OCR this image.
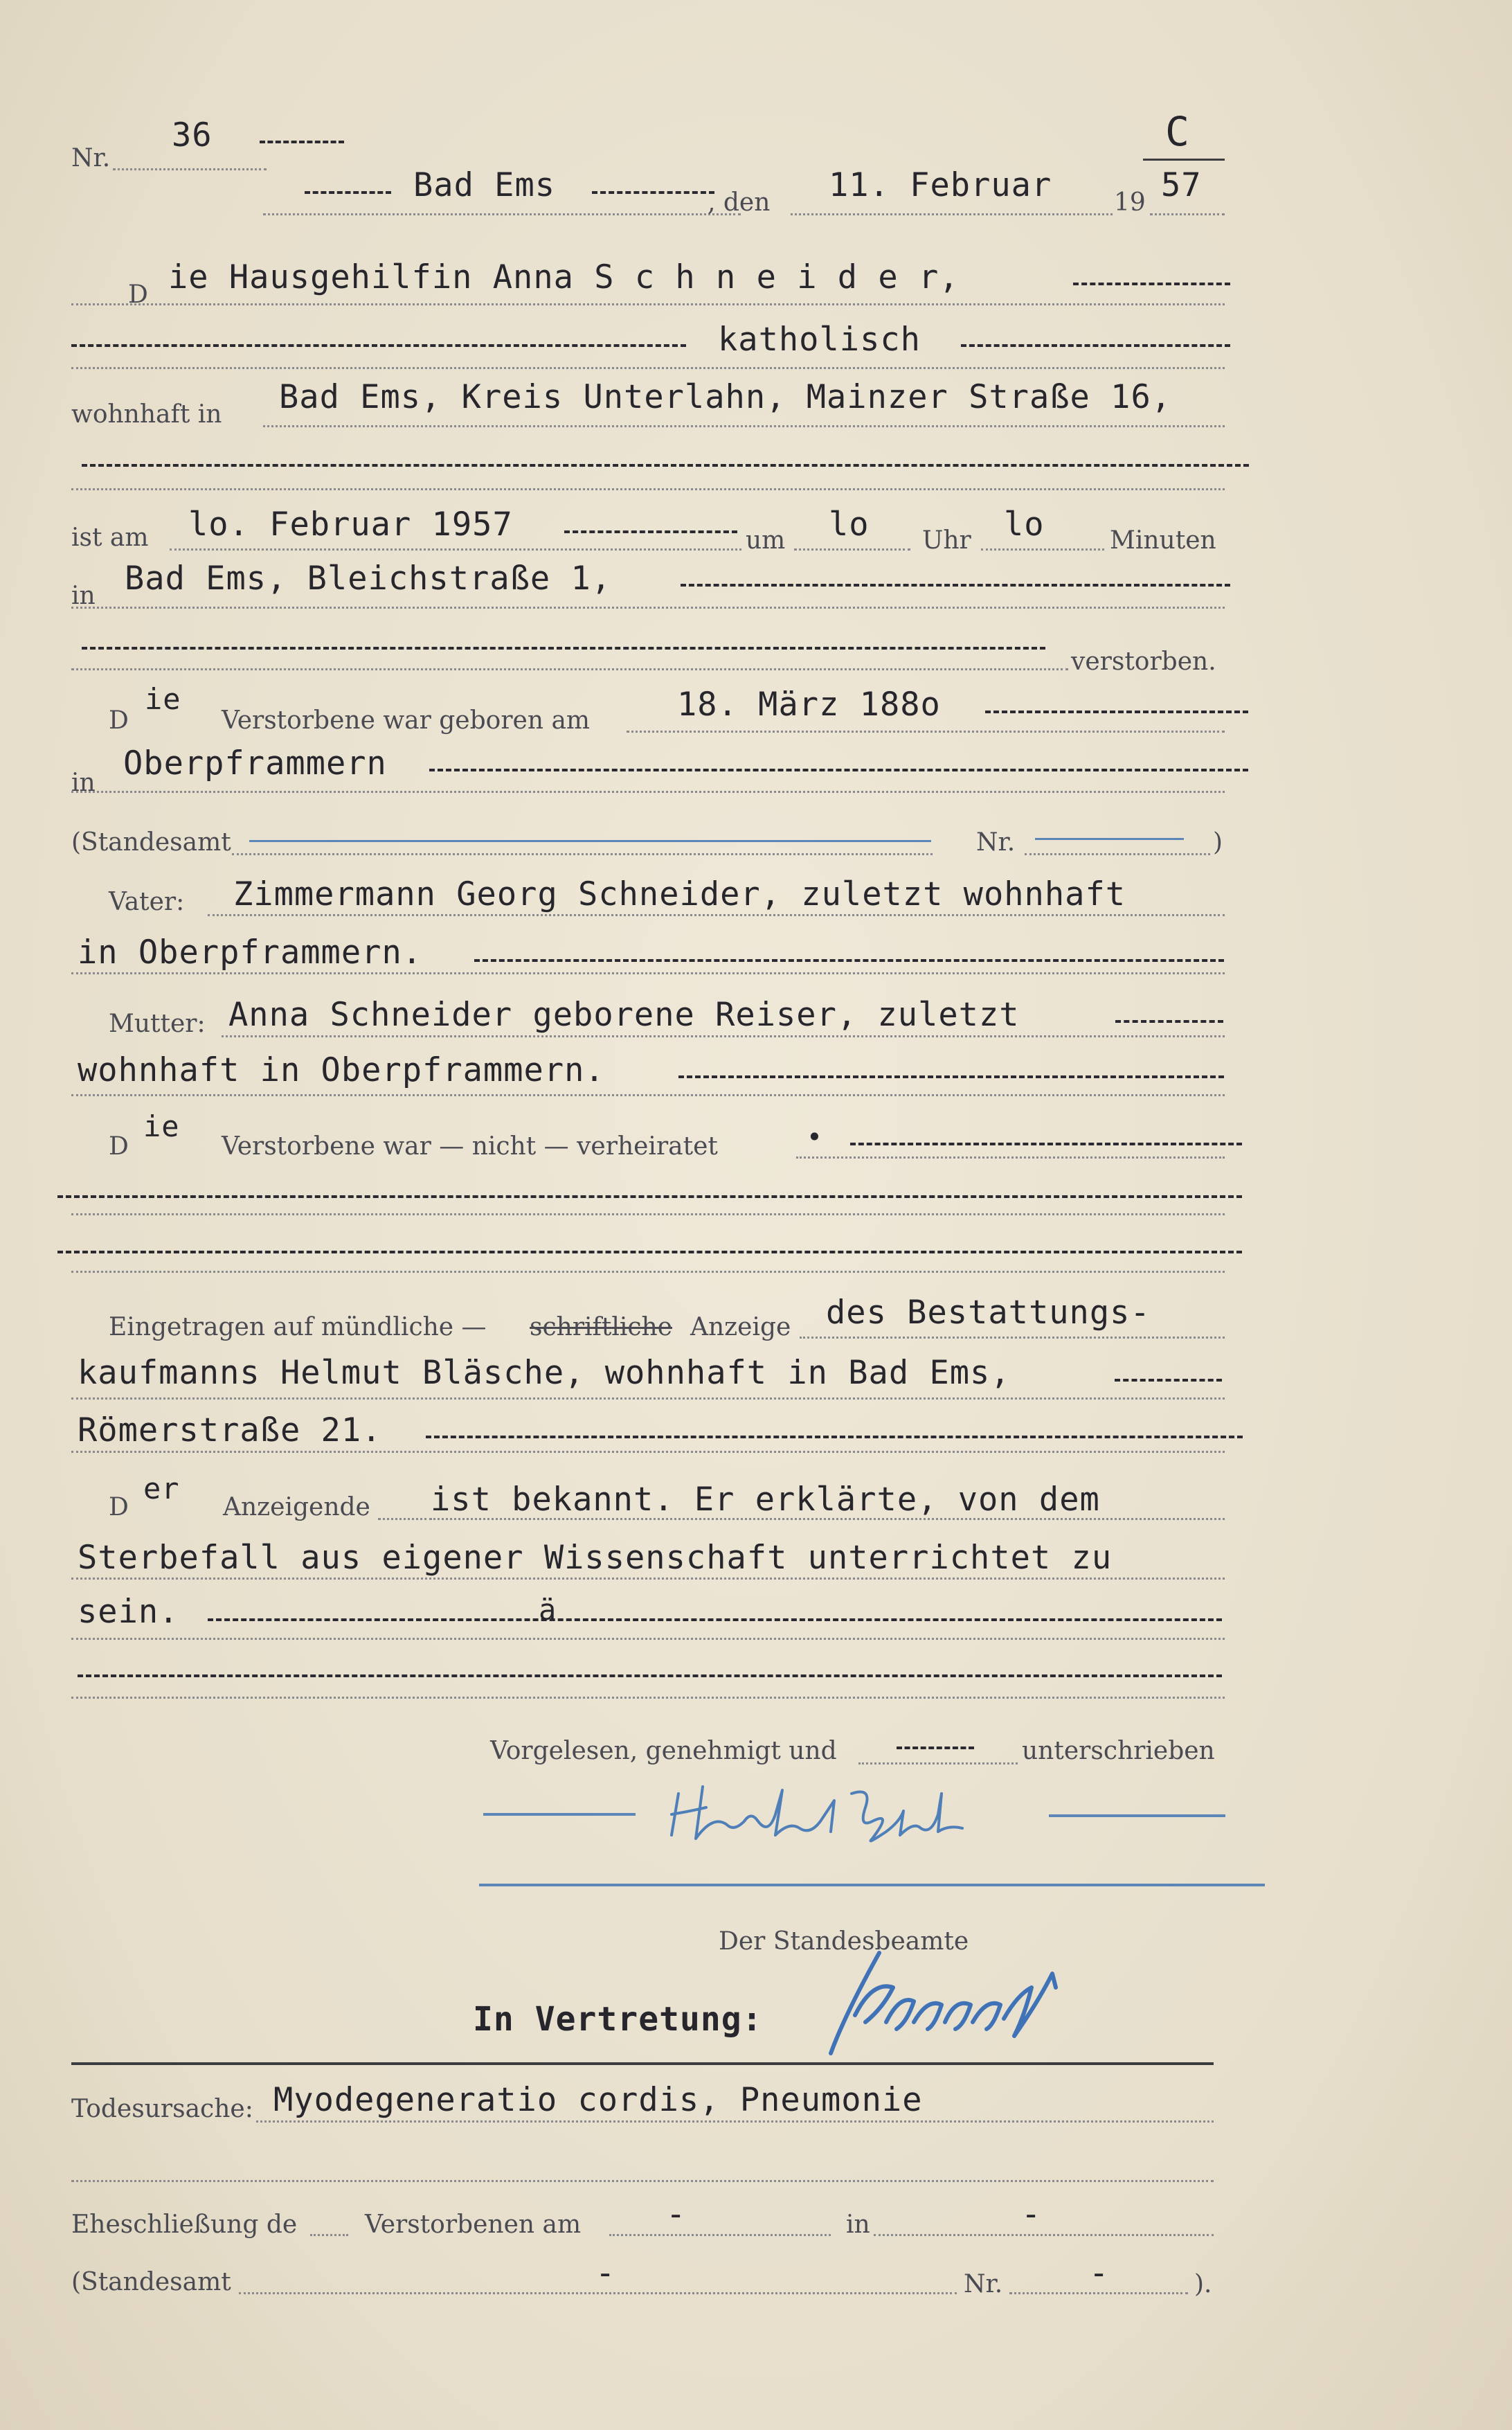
Nr.
36	C
Bad Ems	, den 11. Februar 19 57
D ie Hausgehilfin Anna S c h n e i d e r,
katholisch
wohnhaft in Bad Ems, Kreis Unterlahn, Mainzer Straße 16,
ist am lo. Februar 1957	um lo Uhr lo	Minuten
in Bad Ems, Bleichstraße 1,
verstorben.
D
ie
Verstorbene war geboren am	18. März 188o
in
Oberpframmern
(Standesamt	Nr.	)
Vater: Zimmermann Georg Schneider, zuletzt wohnhaft
in Oberpframmern.
Mutter: Anna Schneider geborene Reiser, zuletzt
wohnhaft in Oberpframmern.
D
ie
Verstorbene war — nicht — verheiratet	•
Eingetragen auf mündliche — schriftliche Anzeige des Bestattungs-
kaufmanns Helmut Bläsche, wohnhaft in Bad Ems,
Römerstraße 21.
D
er
Anzeigende ist bekannt. Er erklärte, von dem
Sterbefall aus eigener Wissenschaft unterrichtet zu
sein.	ä
Vorgelesen, genehmigt und	unterschrieben
Der Standesbeamte
In Vertretung:
Todesursache: Myodegeneratio cordis, Pneumonie
Eheschließung de	Verstorbenen am	-	in	-
(Standesamt	-	Nr.	-	).
